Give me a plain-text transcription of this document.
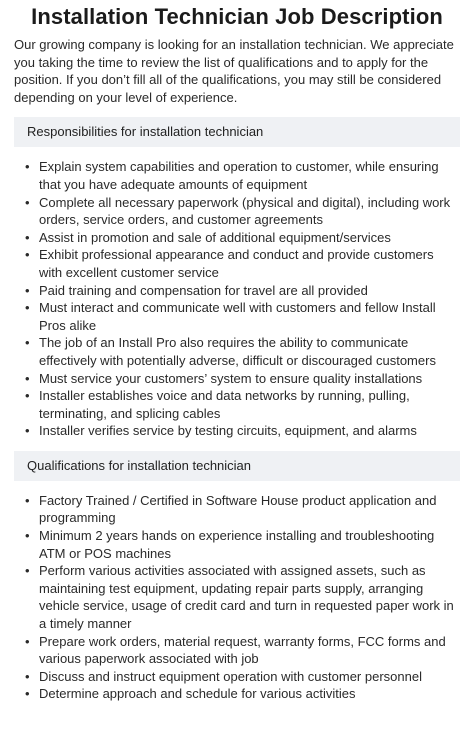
Installation Technician Job Description

Our growing company is looking for an installation technician. We appreciate you taking the time to review the list of qualifications and to apply for the position. If you don’t fill all of the qualifications, you may still be considered depending on your level of experience.

Responsibilities for installation technician
• Explain system capabilities and operation to customer, while ensuring that you have adequate amounts of equipment
• Complete all necessary paperwork (physical and digital), including work orders, service orders, and customer agreements
• Assist in promotion and sale of additional equipment/services
• Exhibit professional appearance and conduct and provide customers with excellent customer service
• Paid training and compensation for travel are all provided
• Must interact and communicate well with customers and fellow Install Pros alike
• The job of an Install Pro also requires the ability to communicate effectively with potentially adverse, difficult or discouraged customers
• Must service your customers’ system to ensure quality installations
• Installer establishes voice and data networks by running, pulling, terminating, and splicing cables
• Installer verifies service by testing circuits, equipment, and alarms
Qualifications for installation technician
• Factory Trained / Certified in Software House product application and programming
• Minimum 2 years hands on experience installing and troubleshooting ATM or POS machines
• Perform various activities associated with assigned assets, such as maintaining test equipment, updating repair parts supply, arranging vehicle service, usage of credit card and turn in requested paper work in a timely manner
• Prepare work orders, material request, warranty forms, FCC forms and various paperwork associated with job
• Discuss and instruct equipment operation with customer personnel
• Determine approach and schedule for various activities
